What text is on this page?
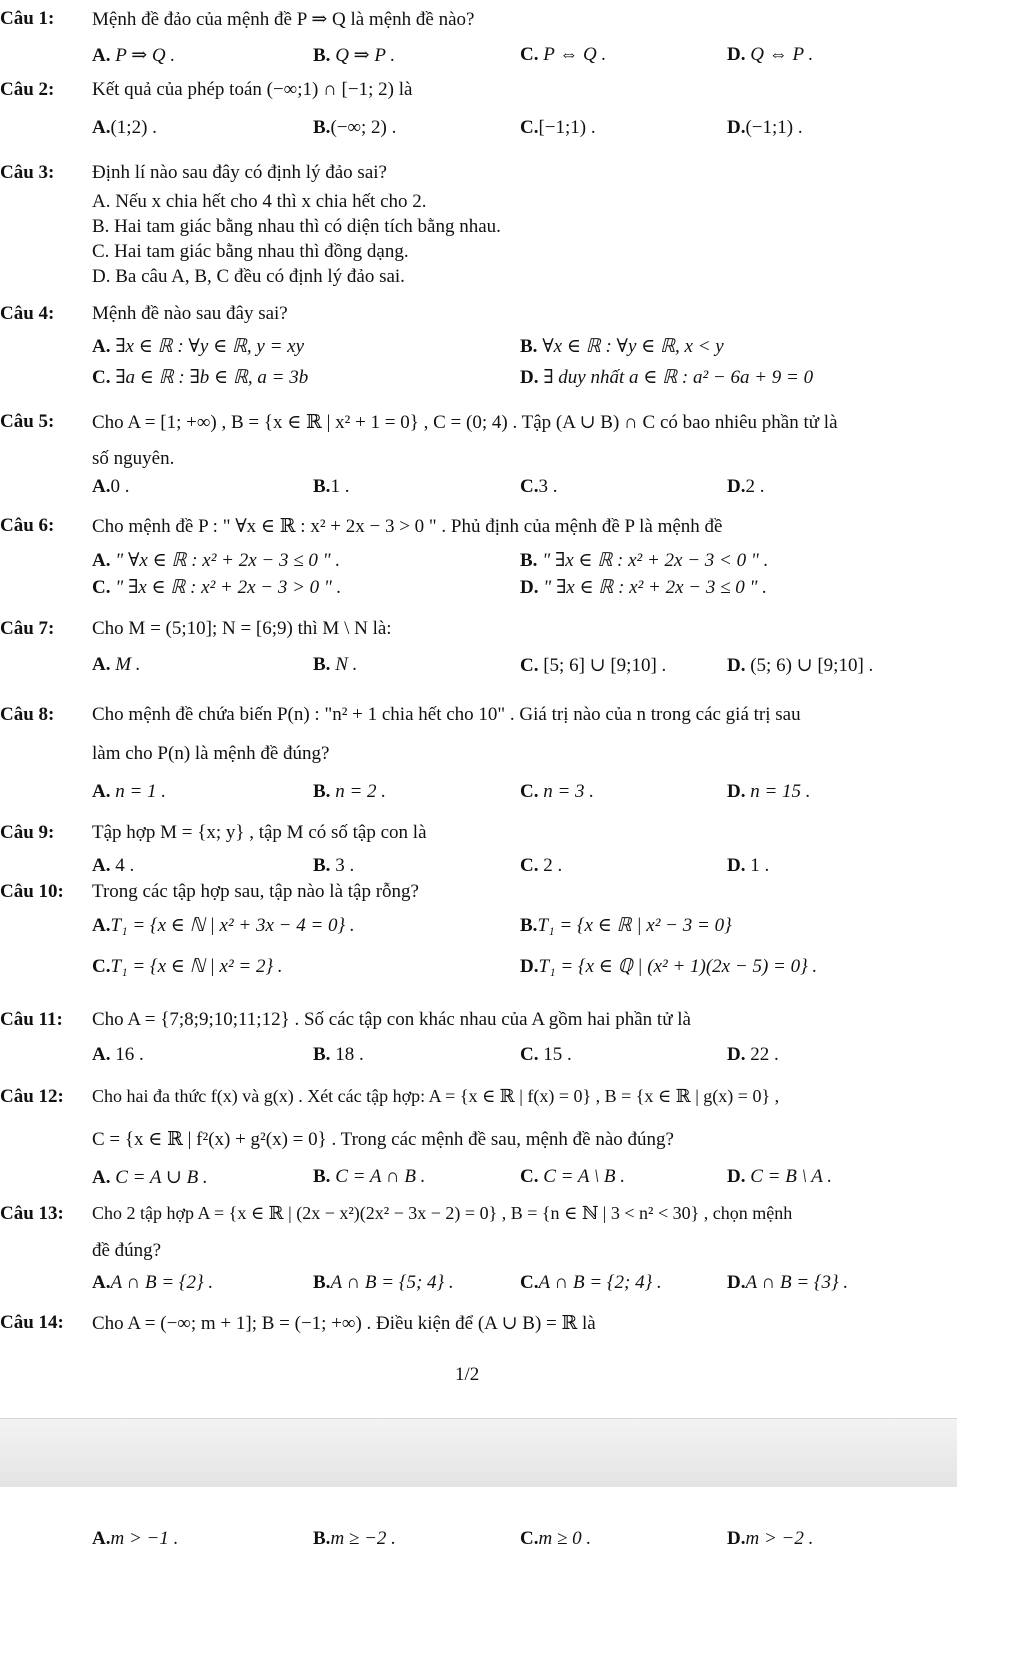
Câu 1: Mệnh đề đảo của mệnh đề P ⇒ Q là mệnh đề nào?
A. P ⇒ Q .	B. Q ⇒ P .	C. P ⇔ Q .	D. Q ⇔ P .
Câu 2: Kết quả của phép toán (−∞;1) ∩ [−1; 2) là
A.(1;2) .	B.(−∞; 2) .	C.[−1;1) .	D.(−1;1) .
Câu 3: Định lí nào sau đây có định lý đảo sai?
A. Nếu x chia hết cho 4 thì x chia hết cho 2.
B. Hai tam giác bằng nhau thì có diện tích bằng nhau.
C. Hai tam giác bằng nhau thì đồng dạng.
D. Ba câu A, B, C đều có định lý đảo sai.
Câu 4: Mệnh đề nào sau đây sai?
A. ∃x ∈ ℝ : ∀y ∈ ℝ, y = xy	B. ∀x ∈ ℝ : ∀y ∈ ℝ, x < y
C. ∃a ∈ ℝ : ∃b ∈ ℝ, a = 3b	D. ∃ duy nhất a ∈ ℝ : a² − 6a + 9 = 0
Câu 5: Cho A = [1; +∞) , B = {x ∈ ℝ | x² + 1 = 0} , C = (0; 4) . Tập (A ∪ B) ∩ C có bao nhiêu phần tử là
số nguyên.
A.0 .	B.1 .	C.3 .	D.2 .
Câu 6: Cho mệnh đề P : " ∀x ∈ ℝ : x² + 2x − 3 > 0 " . Phủ định của mệnh đề P là mệnh đề
A. " ∀x ∈ ℝ : x² + 2x − 3 ≤ 0 " .	B. " ∃x ∈ ℝ : x² + 2x − 3 < 0 " .
C. " ∃x ∈ ℝ : x² + 2x − 3 > 0 " .	D. " ∃x ∈ ℝ : x² + 2x − 3 ≤ 0 " .
Câu 7: Cho M = (5;10]; N = [6;9) thì M \ N là:
A. M .	B. N .	C. [5; 6] ∪ [9;10] .	D. (5; 6) ∪ [9;10] .
Câu 8: Cho mệnh đề chứa biến P(n) : "n² + 1 chia hết cho 10" . Giá trị nào của n trong các giá trị sau
làm cho P(n) là mệnh đề đúng?
A. n = 1 .	B. n = 2 .	C. n = 3 .	D. n = 15 .
Câu 9: Tập hợp M = {x; y} , tập M có số tập con là
A. 4 .	B. 3 .	C. 2 .	D. 1 .
Câu 10: Trong các tập hợp sau, tập nào là tập rỗng?
A.T₁ = {x ∈ ℕ | x² + 3x − 4 = 0} .	B.T₁ = {x ∈ ℝ | x² − 3 = 0}
C.T₁ = {x ∈ ℕ | x² = 2} .	D.T₁ = {x ∈ ℚ | (x² + 1)(2x − 5) = 0} .
Câu 11: Cho A = {7;8;9;10;11;12} . Số các tập con khác nhau của A gồm hai phần tử là
A. 16 .	B. 18 .	C. 15 .	D. 22 .
Câu 12: Cho hai đa thức f(x) và g(x) . Xét các tập hợp: A = {x ∈ ℝ | f(x) = 0} , B = {x ∈ ℝ | g(x) = 0} ,
C = {x ∈ ℝ | f²(x) + g²(x) = 0} . Trong các mệnh đề sau, mệnh đề nào đúng?
A. C = A ∪ B .	B. C = A ∩ B .	C. C = A \ B .	D. C = B \ A .
Câu 13: Cho 2 tập hợp A = {x ∈ ℝ | (2x − x²)(2x² − 3x − 2) = 0} , B = {n ∈ ℕ | 3 < n² < 30} , chọn mệnh
đề đúng?
A.A ∩ B = {2} .	B.A ∩ B = {5; 4} .	C.A ∩ B = {2; 4} .	D.A ∩ B = {3} .
Câu 14: Cho A = (−∞; m + 1]; B = (−1; +∞) . Điều kiện để (A ∪ B) = ℝ là
1/2
A.m > −1 .	B.m ≥ −2 .	C.m ≥ 0 .	D.m > −2 .
